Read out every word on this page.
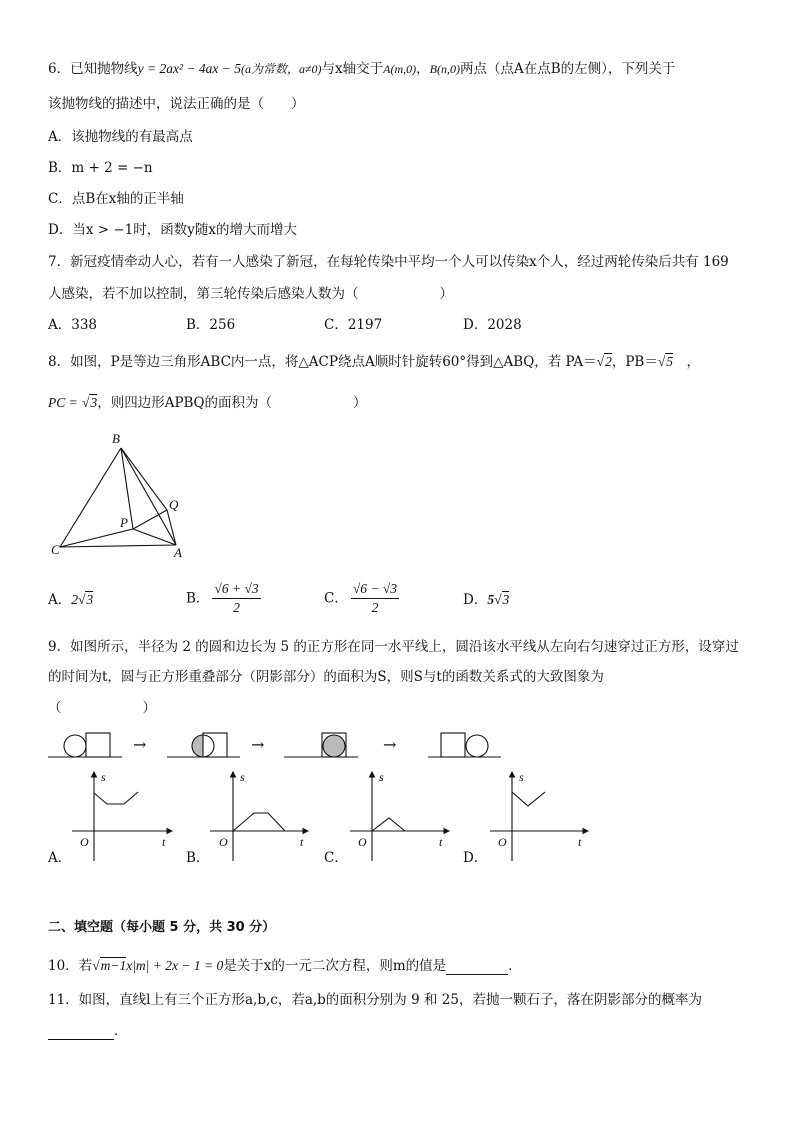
6．已知抛物线y = 2ax² − 4ax − 5(a为常数，a≠0)与x轴交于A(m,0)，B(n,0)两点（点A在点B的左侧），下列关于
该抛物线的描述中，说法正确的是（　　）
A．该抛物线的有最高点
B．m + 2 = −n
C．点B在x轴的正半轴
D．当x > −1时，函数y随x的增大而增大
7．新冠疫情牵动人心，若有一人感染了新冠，在每轮传染中平均一个人可以传染x个人，经过两轮传染后共有 169
人感染，若不加以控制，第三轮传染后感染人数为（　　　　　　）
A．338	B．256	C．2197	D．2028
8．如图，P是等边三角形ABC内一点，将△ACP绕点A顺时针旋转60°得到△ABQ，若 PA＝√2，PB＝√5　，
PC = √3，则四边形APBQ的面积为（　　　　　　）
B
Q
P
C	A
A．2√3	B． $\frac{√6 + √3}{2}$	C． $\frac{√6 - √3}{2}$	D．5√3
9．如图所示，半径为 2 的圆和边长为 5 的正方形在同一水平线上，圆沿该水平线从左向右匀速穿过正方形，设穿过
的时间为t，圆与正方形重叠部分（阴影部分）的面积为S，则S与t的函数关系式的大致图象为
（　　　　　　）
→	→	→
s
O	t
s
O	t
s
O	t
s
O	t
A．	B．	C．	D．
二、填空题（每小题 5 分，共 30 分）
10．若√m−1x|m| + 2x − 1 = 0是关于x的一元二次方程，则m的值是	．
11．如图，直线l上有三个正方形a,b,c，若a,b的面积分别为 9 和 25，若抛一颗石子，落在阴影部分的概率为
．
